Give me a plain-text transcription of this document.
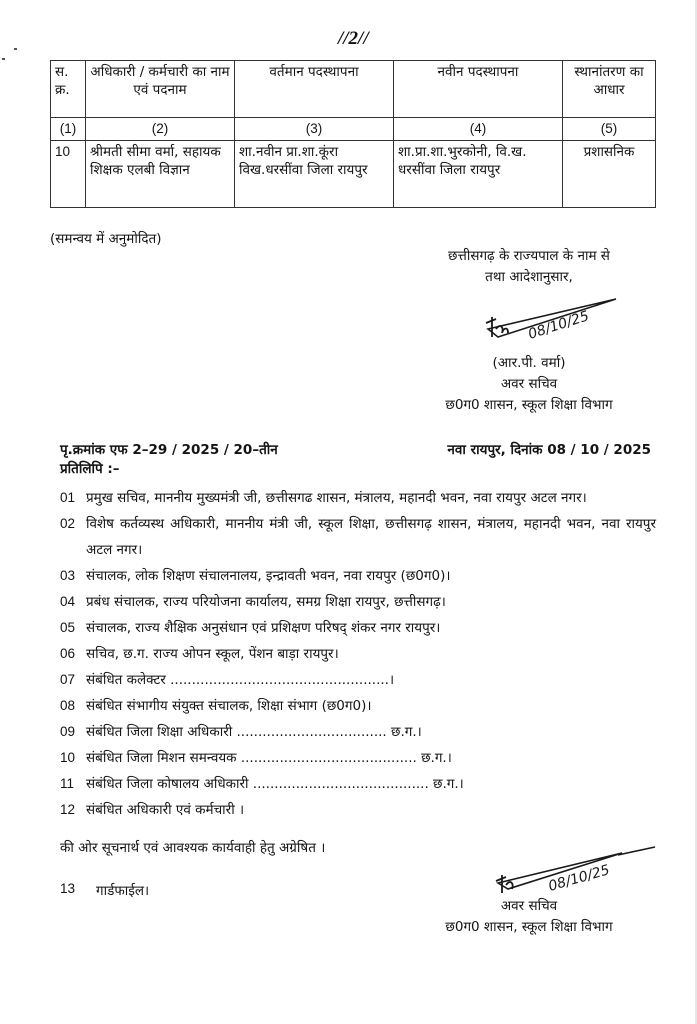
//2//
स. क्र.	अधिकारी / कर्मचारी का नाम एवं पदनाम	वर्तमान पदस्थापना	नवीन पदस्थापना	स्थानांतरण का आधार
(1)	(2)	(3)	(4)	(5)
10	श्रीमती सीमा वर्मा, सहायक शिक्षक एलबी विज्ञान	शा.नवीन प्रा.शा.कूंरा विख.धरसींवा जिला रायपुर	शा.प्रा.शा.भुरकोनी, वि.ख. धरसींवा जिला रायपुर	प्रशासनिक
(समन्वय में अनुमोदित)
छत्तीसगढ़ के राज्यपाल के नाम से
तथा आदेशानुसार,
08/10/25
(आर.पी. वर्मा)
अवर सचिव
छ0ग0 शासन, स्कूल शिक्षा विभाग
पृ.क्रमांक एफ 2–29 / 2025 / 20–तीन	नवा रायपुर, दिनांक 08 / 10 / 2025
प्रतिलिपि :–
01 प्रमुख सचिव, माननीय मुख्यमंत्री जी, छत्तीसगढ शासन, मंत्रालय, महानदी भवन, नवा रायपुर अटल नगर।
02 विशेष कर्तव्यस्थ अधिकारी, माननीय मंत्री जी, स्कूल शिक्षा, छत्तीसगढ़ शासन, मंत्रालय, महानदी भवन, नवा रायपुर अटल नगर।
03 संचालक, लोक शिक्षण संचालनालय, इन्द्रावती भवन, नवा रायपुर (छ0ग0)।
04 प्रबंध संचालक, राज्य परियोजना कार्यालय, समग्र शिक्षा रायपुर, छत्तीसगढ़।
05 संचालक, राज्य शैक्षिक अनुसंधान एवं प्रशिक्षण परिषद् शंकर नगर रायपुर।
06 सचिव, छ.ग. राज्य ओपन स्कूल, पेंशन बाड़ा रायपुर।
07 संबंधित कलेक्टर ...................................................।
08 संबंधित संभागीय संयुक्त संचालक, शिक्षा संभाग (छ0ग0)।
09 संबंधित जिला शिक्षा अधिकारी ................................... छ.ग.।
10 संबंधित जिला मिशन समन्वयक ......................................... छ.ग.।
11 संबंधित जिला कोषालय अधिकारी ......................................... छ.ग.।
12 संबंधित अधिकारी एवं कर्मचारी ।
की ओर सूचनार्थ एवं आवश्यक कार्यवाही हेतु अग्रेषित ।
13	गार्डफाईल।	08/10/25
अवर सचिव
छ0ग0 शासन, स्कूल शिक्षा विभाग
